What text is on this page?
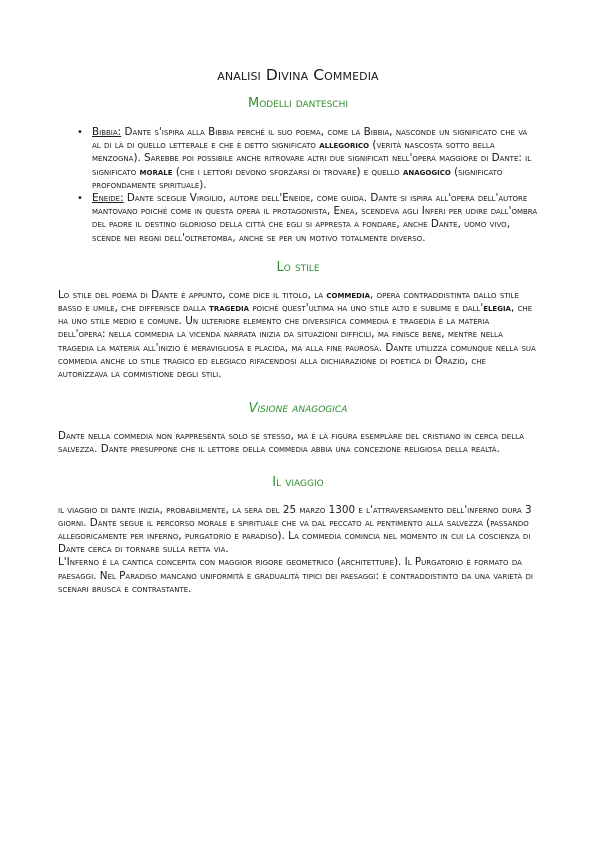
analisi Divina Commedia
Modelli danteschi
• Bibbia: Dante s'ispira alla Bibbia perché il suo poema, come la Bibbia, nasconde un significato che va al di là di quello letterale e che è detto significato allegorico (verità nascosta sotto bella menzogna). Sarebbe poi possibile anche ritrovare altri due significati nell'opera maggiore di Dante: il significato morale (che i lettori devono sforzarsi di trovare) e quello anagogico (significato profondamente spirituale).
• Eneide: Dante sceglie Virgilio, autore dell'Eneide, come guida. Dante si ispira all'opera dell'autore mantovano poiché come in questa opera il protagonista, Enea, scendeva agli Inferi per udire dall'ombra del padre il destino glorioso della città che egli si appresta a fondare, anche Dante, uomo vivo, scende nei regni dell'oltretomba, anche se per un motivo totalmente diverso.
Lo stile

Lo stile del poema di Dante è appunto, come dice il titolo, la commedia, opera contraddistinta dallo stile basso e umile, che differisce dalla tragedia poiché quest'ultima ha uno stile alto e sublime e dall'elegia, che ha uno stile medio e comune. Un ulteriore elemento che diversifica commedia e tragedia è la materia dell'opera: nella commedia la vicenda narrata inizia da situazioni difficili, ma finisce bene, mentre nella tragedia la materia all'inizio è meravigliosa e placida, ma alla fine paurosa. Dante utilizza comunque nella sua commedia anche lo stile tragico ed elegiaco rifacendosi alla dichiarazione di poetica di Orazio, che autorizzava la commistione degli stili.

Visione anagogica

Dante nella commedia non rappresenta solo sé stesso, ma è la figura esemplare del cristiano in cerca della salvezza. Dante presuppone che il lettore della commedia abbia una concezione religiosa della realtà.

Il viaggio

il viaggio di dante inizia, probabilmente, la sera del 25 marzo 1300 e l'attraversamento dell'inferno dura 3 giorni. Dante segue il percorso morale e spirituale che va dal peccato al pentimento alla salvezza (passando allegoricamente per inferno, purgatorio e paradiso). La commedia comincia nel momento in cui la coscienza di Dante cerca di tornare sulla retta via.

L'Inferno è la cantica concepita con maggior rigore geometrico (architetture). Il Purgatorio è formato da paesaggi. Nel Paradiso mancano uniformità e gradualità tipici dei paesaggi: è contraddistinto da una varietà di scenari brusca e contrastante.
